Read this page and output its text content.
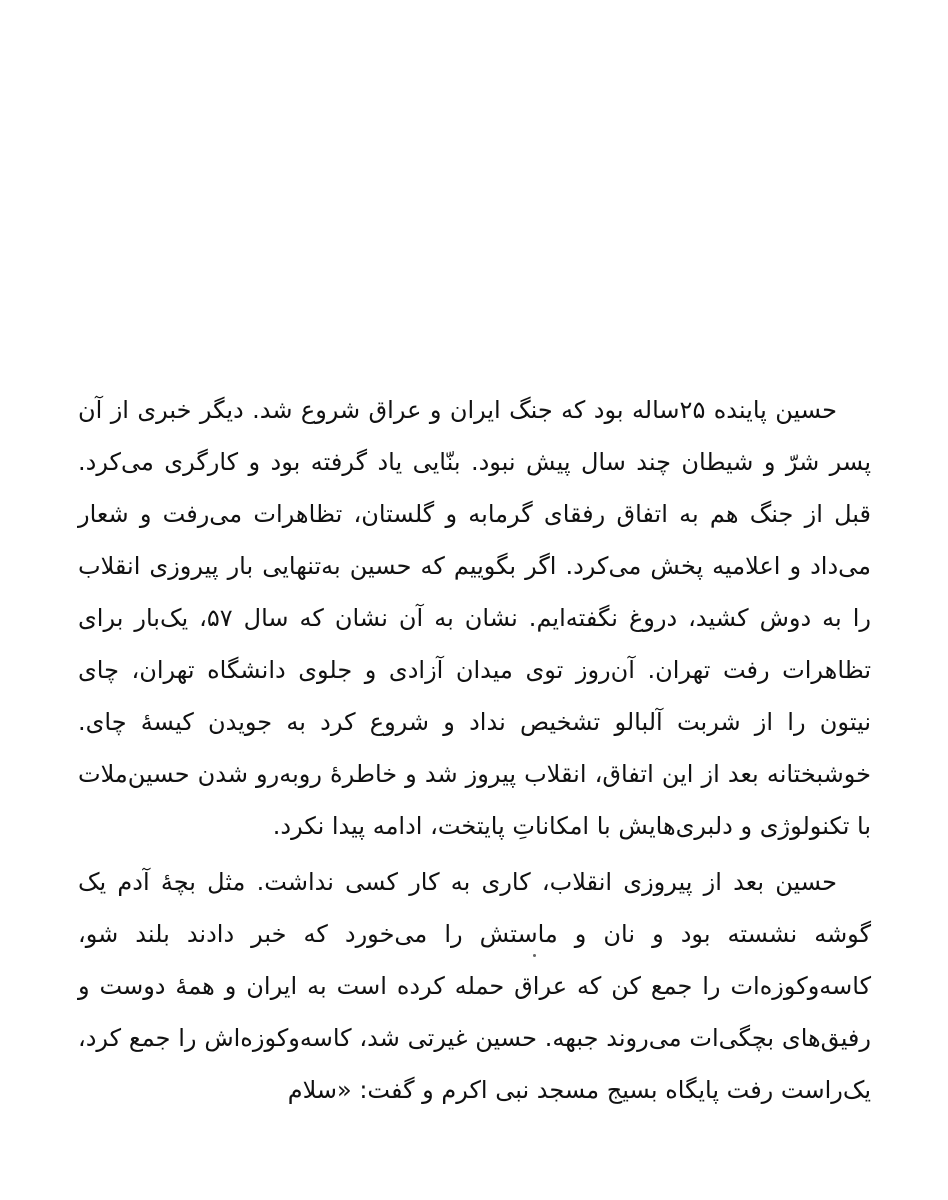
حسین پاینده ۲۵ساله بود که جنگ ایران و عراق شروع شد. دیگر خبری از آن پسر شرّ و شیطان چند سال پیش نبود. بنّایی یاد گرفته بود و کارگری می‌کرد. قبل از جنگ هم به اتفاق رفقای گرمابه و گلستان، تظاهرات می‌رفت و شعار می‌داد و اعلامیه پخش می‌کرد. اگر بگوییم که حسین به‌تنهایی بار پیروزی انقلاب را به دوش کشید، دروغ نگفته‌ایم. نشان به آن نشان که سال ۵۷، یک‌بار برای تظاهرات رفت تهران. آن‌روز توی میدان آزادی و جلوی دانشگاه تهران، چای نیتون را از شربت آلبالو تشخیص نداد و شروع کرد به جویدن کیسهٔ چای. خوشبختانه بعد از این اتفاق، انقلاب پیروز شد و خاطرهٔ روبه‌رو شدن حسین‌ملات با تکنولوژی و دلبری‌هایش با امکاناتِ پایتخت، ادامه پیدا نکرد.

حسین بعد از پیروزی انقلاب، کاری به کار کسی نداشت. مثل بچهٔ آدم یک گوشه نشسته بود و نان و ماستش را می‌خورد که خبر دادند بلند شو، کاسه‌وکوزه‌ات را جمع کن که عراق حمله کرده است به ایران و همهٔ دوست و رفیق‌های بچگی‌ات می‌روند جبهه. حسین غیرتی شد، کاسه‌وکوزه‌اش را جمع کرد، یک‌راست رفت پایگاه بسیج مسجد نبی اکرم و گفت: «سلام
